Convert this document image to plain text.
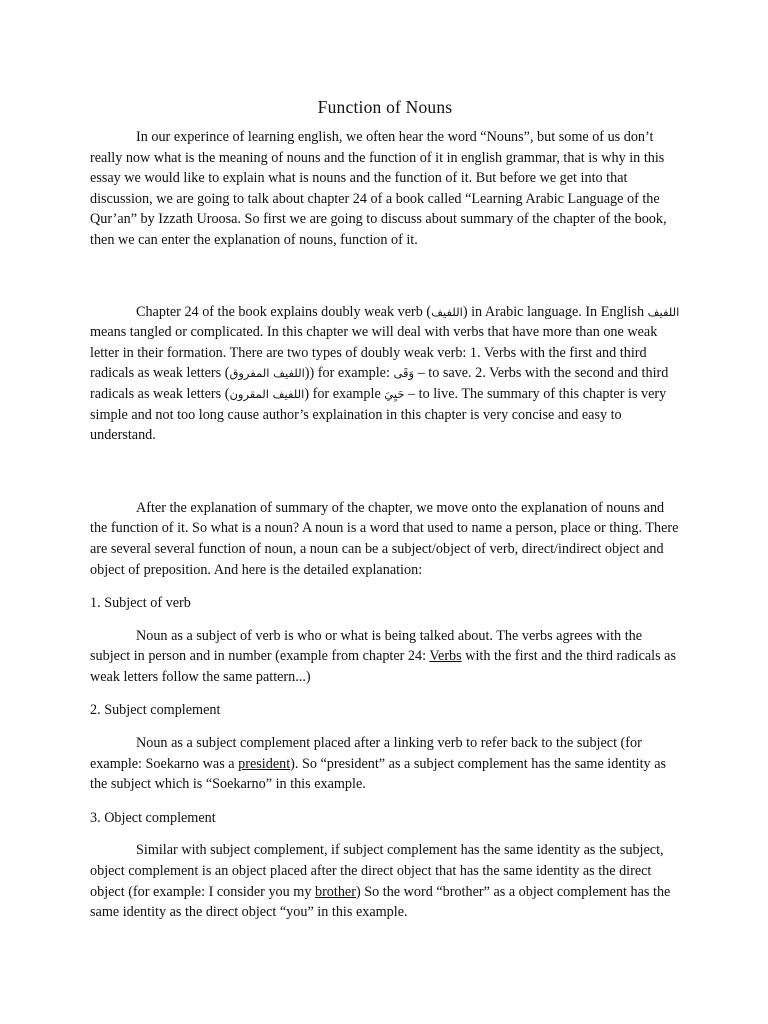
Function of Nouns

In our experince of learning english, we often hear the word “Nouns”, but some of us don’t really now what is the meaning of nouns and the function of it in english grammar, that is why in this essay we would like to explain what is nouns and the function of it. But before we get into that discussion, we are going to talk about chapter 24 of a book called “Learning Arabic Language of the Qur’an” by Izzath Uroosa. So first we are going to discuss about summary of the chapter of the book, then we can enter the explanation of nouns, function of it.

Chapter 24 of the book explains doubly weak verb (اللفيف) in Arabic language. In English اللفيف means tangled or complicated. In this chapter we will deal with verbs that have more than one weak letter in their formation. There are two types of doubly weak verb: 1. Verbs with the first and third radicals as weak letters (اللفيف المفروق)) for example: وَقَى – to save. 2. Verbs with the second and third radicals as weak letters (اللفيف المقرون) for example حَيِيَ – to live. The summary of this chapter is very simple and not too long cause author’s explaination in this chapter is very concise and easy to understand.

After the explanation of summary of the chapter, we move onto the explanation of nouns and the function of it. So what is a noun? A noun is a word that used to name a person, place or thing. There are several several function of noun, a noun can be a subject/object of verb, direct/indirect object and object of preposition. And here is the detailed explanation:

1. Subject of verb

Noun as a subject of verb is who or what is being talked about. The verbs agrees with the subject in person and in number (example from chapter 24: Verbs with the first and the third radicals as weak letters follow the same pattern...)

2. Subject complement

Noun as a subject complement placed after a linking verb to refer back to the subject (for example: Soekarno was a president). So “president” as a subject complement has the same identity as the subject which is “Soekarno” in this example.

3. Object complement

Similar with subject complement, if subject complement has the same identity as the subject, object complement is an object placed after the direct object that has the same identity as the direct object (for example: I consider you my brother) So the word “brother” as a object complement has the same identity as the direct object “you” in this example.
